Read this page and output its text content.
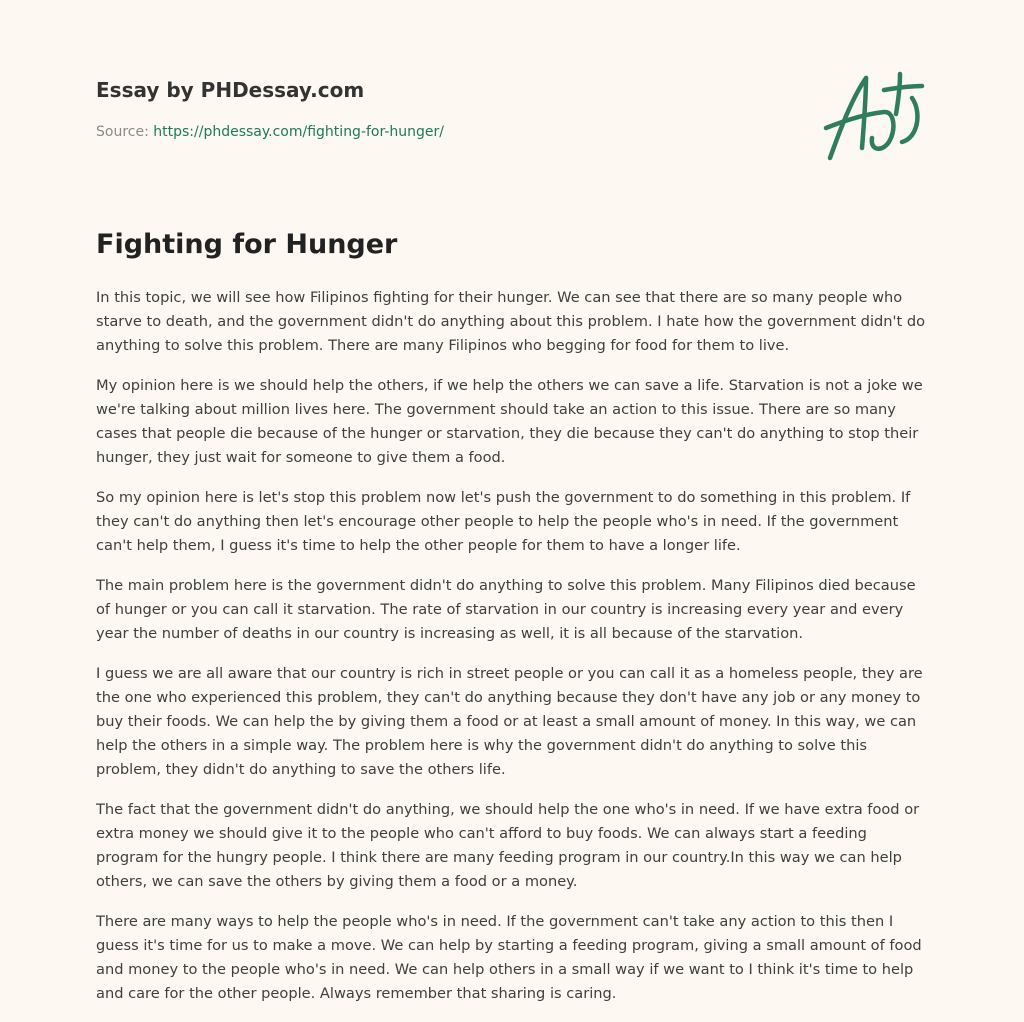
Essay by PHDessay.com
Source: https://phdessay.com/fighting-for-hunger/
Fighting for Hunger

In this topic, we will see how Filipinos fighting for their hunger. We can see that there are so many people who starve to death, and the government didn't do anything about this problem. I hate how the government didn't do anything to solve this problem. There are many Filipinos who begging for food for them to live.

My opinion here is we should help the others, if we help the others we can save a life. Starvation is not a joke we we're talking about million lives here. The government should take an action to this issue. There are so many cases that people die because of the hunger or starvation, they die because they can't do anything to stop their hunger, they just wait for someone to give them a food.

So my opinion here is let's stop this problem now let's push the government to do something in this problem. If they can't do anything then let's encourage other people to help the people who's in need. If the government can't help them, I guess it's time to help the other people for them to have a longer life.

The main problem here is the government didn't do anything to solve this problem. Many Filipinos died because of hunger or you can call it starvation. The rate of starvation in our country is increasing every year and every year the number of deaths in our country is increasing as well, it is all because of the starvation.

I guess we are all aware that our country is rich in street people or you can call it as a homeless people, they are the one who experienced this problem, they can't do anything because they don't have any job or any money to buy their foods. We can help the by giving them a food or at least a small amount of money. In this way, we can help the others in a simple way. The problem here is why the government didn't do anything to solve this problem, they didn't do anything to save the others life.

The fact that the government didn't do anything, we should help the one who's in need. If we have extra food or extra money we should give it to the people who can't afford to buy foods. We can always start a feeding program for the hungry people. I think there are many feeding program in our country.In this way we can help others, we can save the others by giving them a food or a money.

There are many ways to help the people who's in need. If the government can't take any action to this then I guess it's time for us to make a move. We can help by starting a feeding program, giving a small amount of food and money to the people who's in need. We can help others in a small way if we want to I think it's time to help and care for the other people. Always remember that sharing is caring.
